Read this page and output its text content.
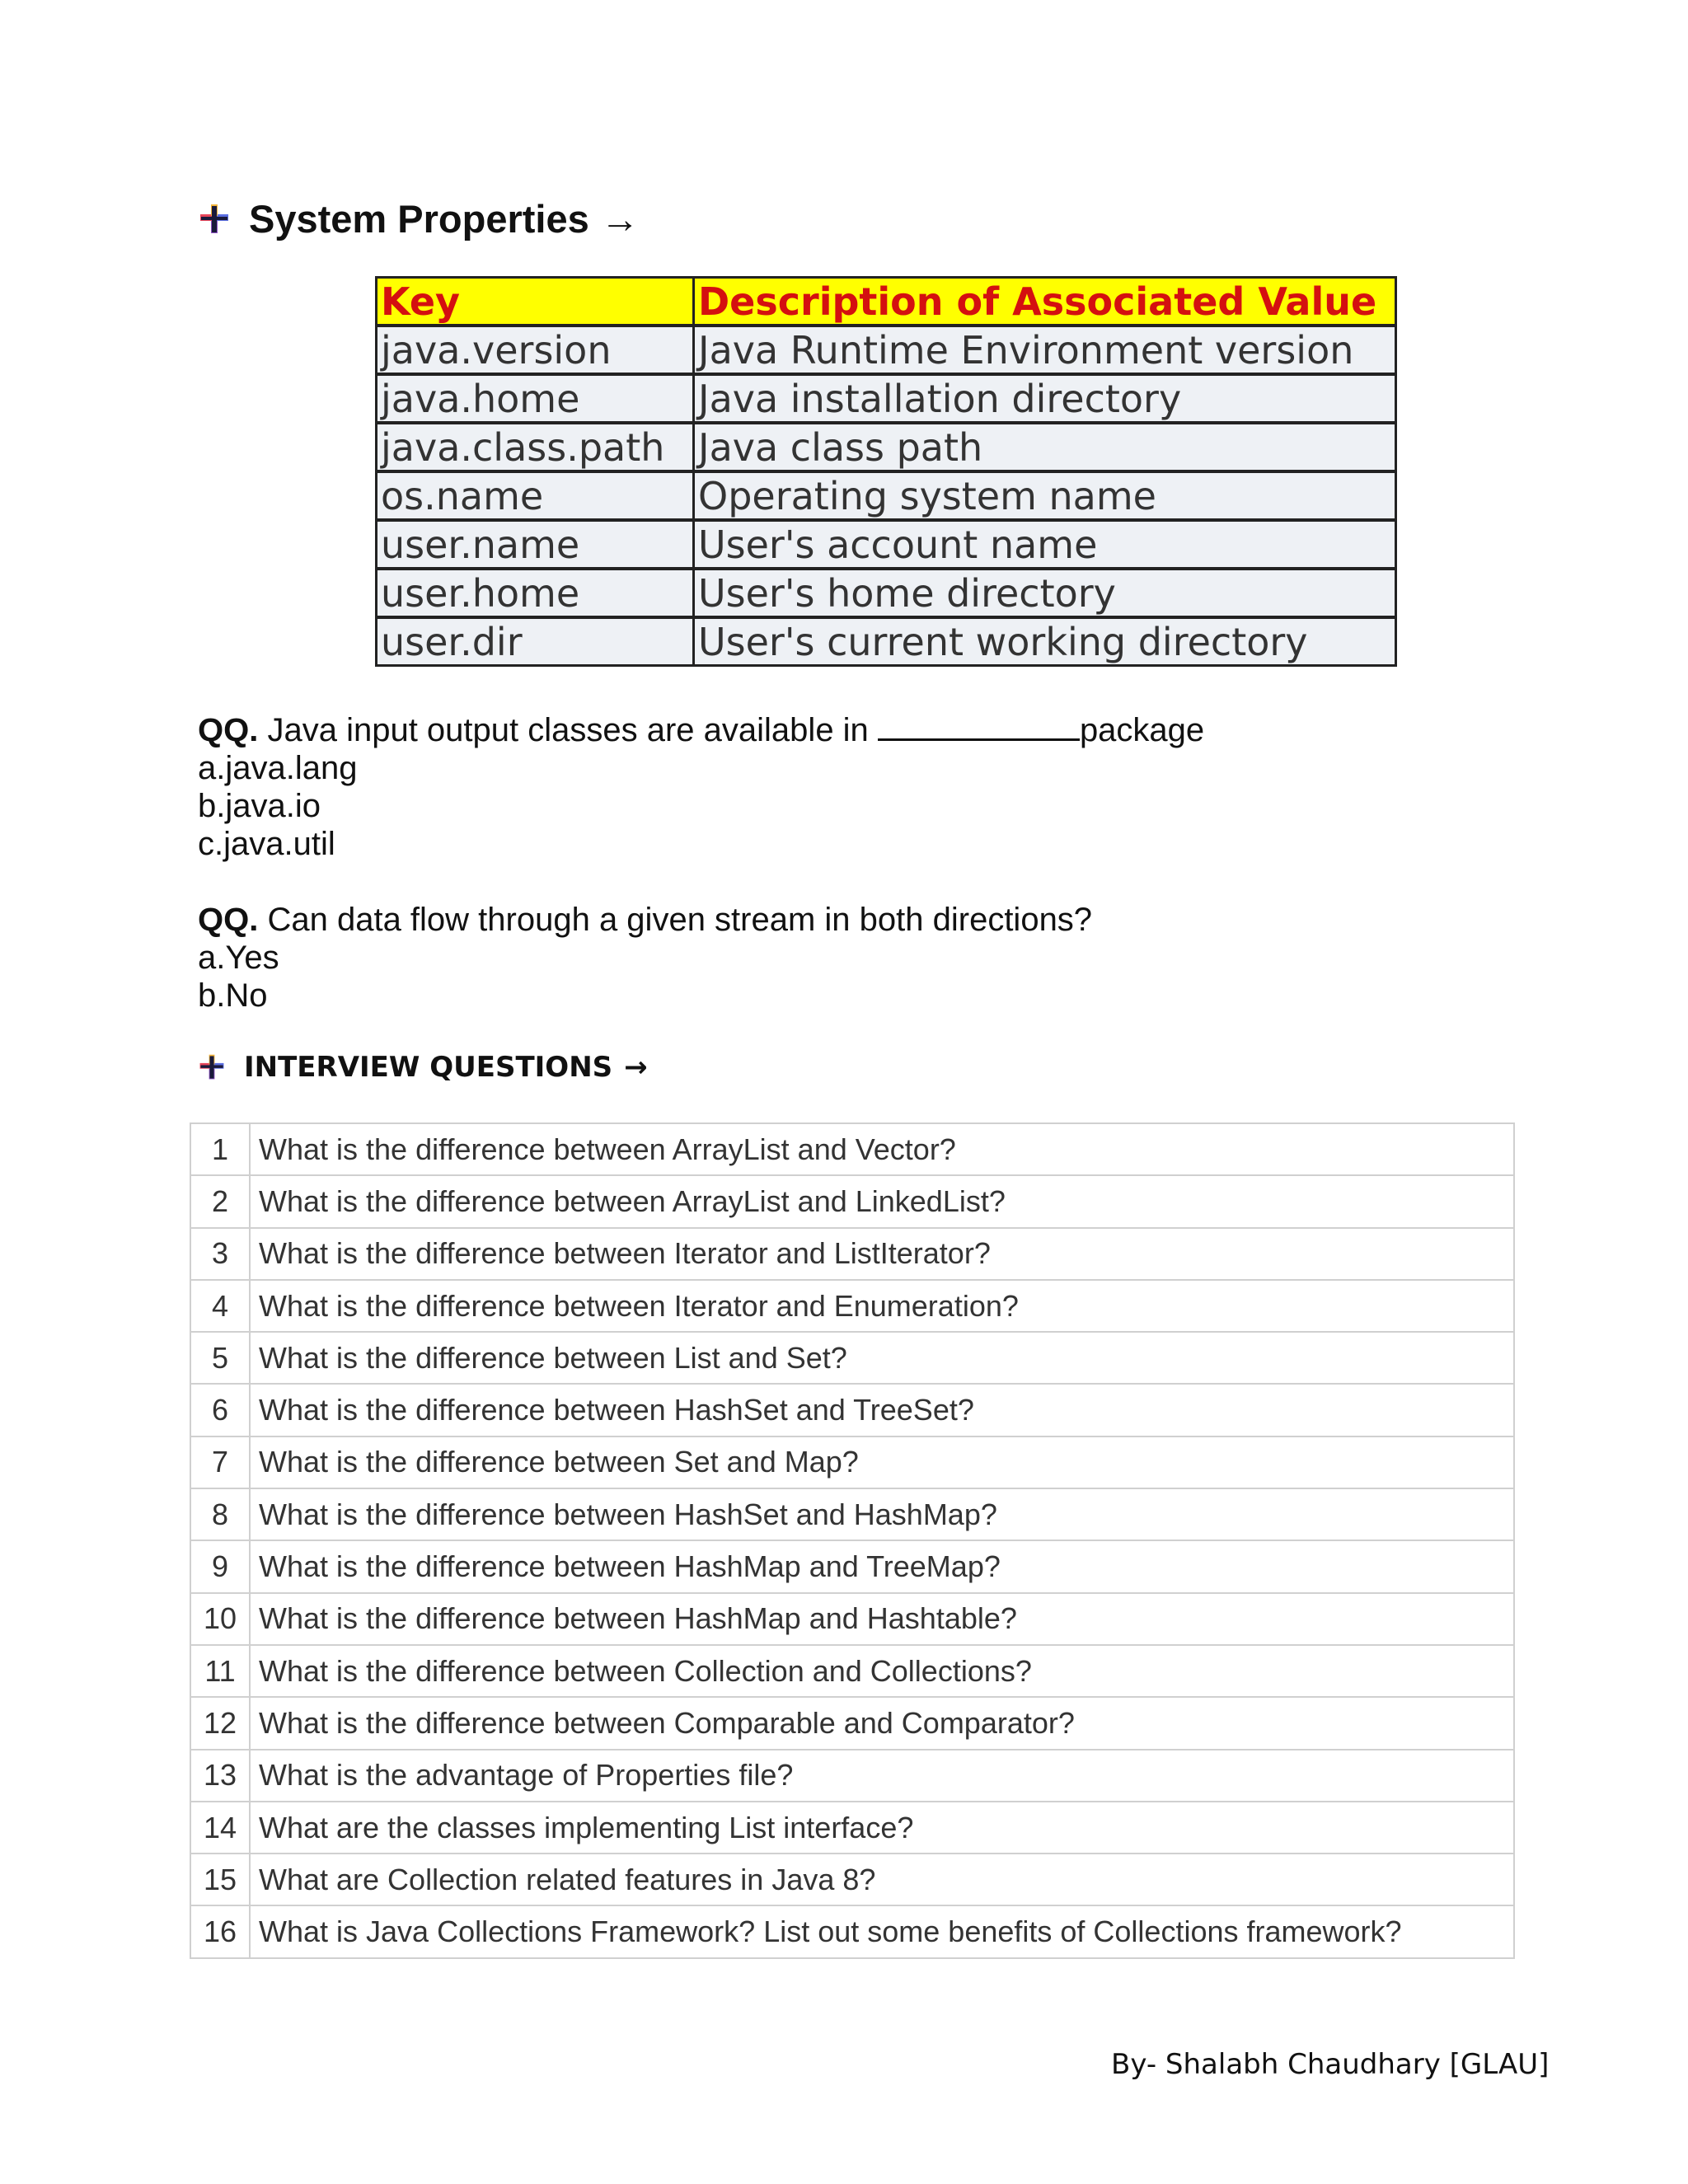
System Properties →
Key	Description of Associated Value
java.version	Java Runtime Environment version
java.home	Java installation directory
java.class.path	Java class path
os.name	Operating system name
user.name	User's account name
user.home	User's home directory
user.dir	User's current working directory
QQ. Java input output classes are available in	package
a.java.lang
b.java.io
c.java.util
QQ. Can data flow through a given stream in both directions?
a.Yes
b.No
INTERVIEW QUESTIONS →
1	What is the difference between ArrayList and Vector?
2	What is the difference between ArrayList and LinkedList?
3	What is the difference between Iterator and ListIterator?
4	What is the difference between Iterator and Enumeration?
5	What is the difference between List and Set?
6	What is the difference between HashSet and TreeSet?
7	What is the difference between Set and Map?
8	What is the difference between HashSet and HashMap?
9	What is the difference between HashMap and TreeMap?
10	What is the difference between HashMap and Hashtable?
11	What is the difference between Collection and Collections?
12	What is the difference between Comparable and Comparator?
13	What is the advantage of Properties file?
14	What are the classes implementing List interface?
15	What are Collection related features in Java 8?
16	What is Java Collections Framework? List out some benefits of Collections framework?
By- Shalabh Chaudhary [GLAU]
